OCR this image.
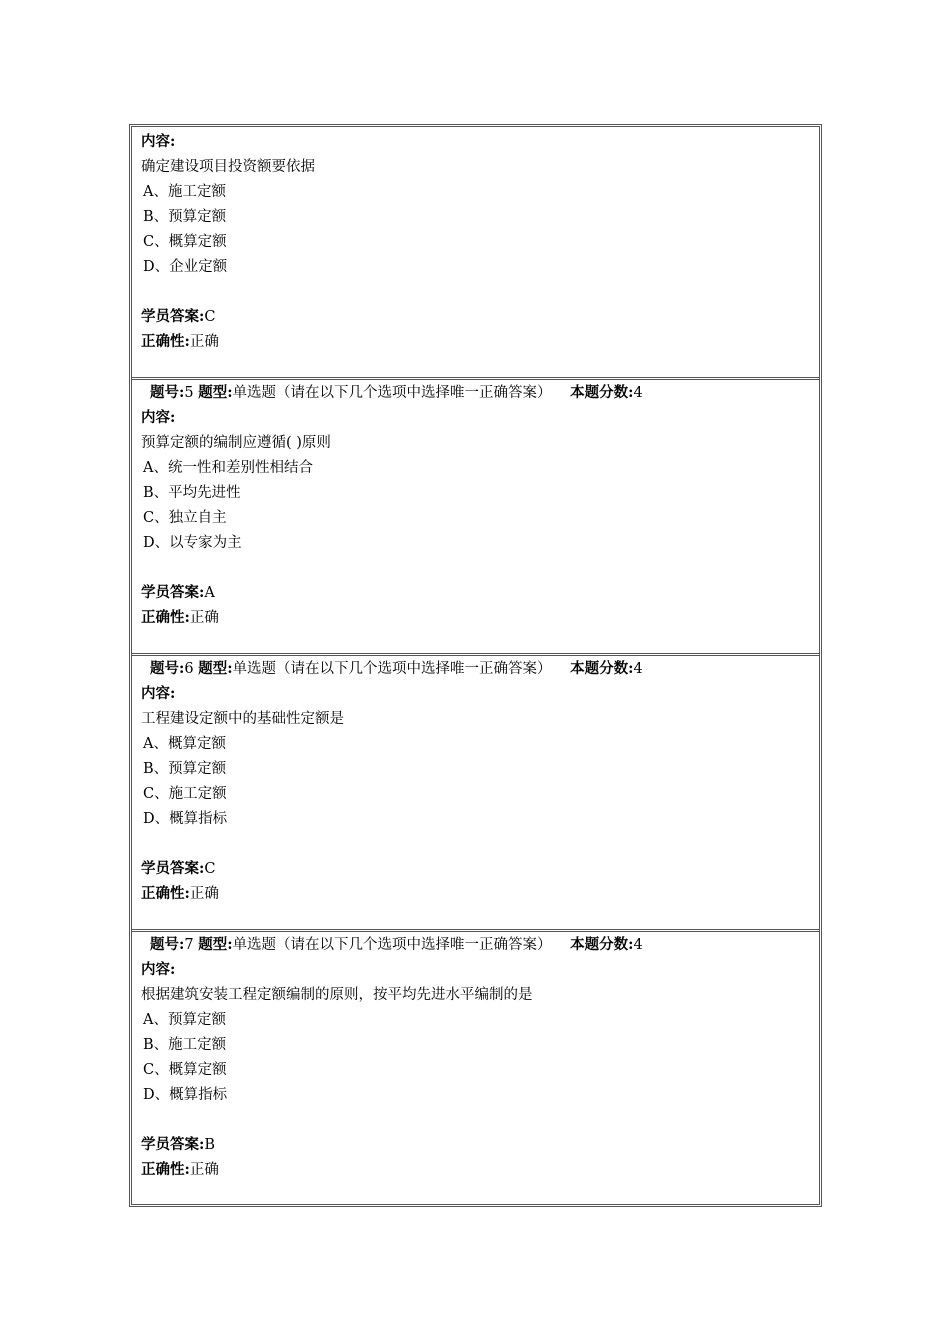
内容:
确定建设项目投资额要依据
A、施工定额
B、预算定额
C、概算定额
D、企业定额
学员答案:C
正确性:正确
题号:5 题型:单选题（请在以下几个选项中选择唯一正确答案） 本题分数:4
内容:
预算定额的编制应遵循( )原则
A、统一性和差别性相结合
B、平均先进性
C、独立自主
D、以专家为主
学员答案:A
正确性:正确
题号:6 题型:单选题（请在以下几个选项中选择唯一正确答案） 本题分数:4
内容:
工程建设定额中的基础性定额是
A、概算定额
B、预算定额
C、施工定额
D、概算指标
学员答案:C
正确性:正确
题号:7 题型:单选题（请在以下几个选项中选择唯一正确答案） 本题分数:4
内容:
根据建筑安装工程定额编制的原则，按平均先进水平编制的是
A、预算定额
B、施工定额
C、概算定额
D、概算指标
学员答案:B
正确性:正确
